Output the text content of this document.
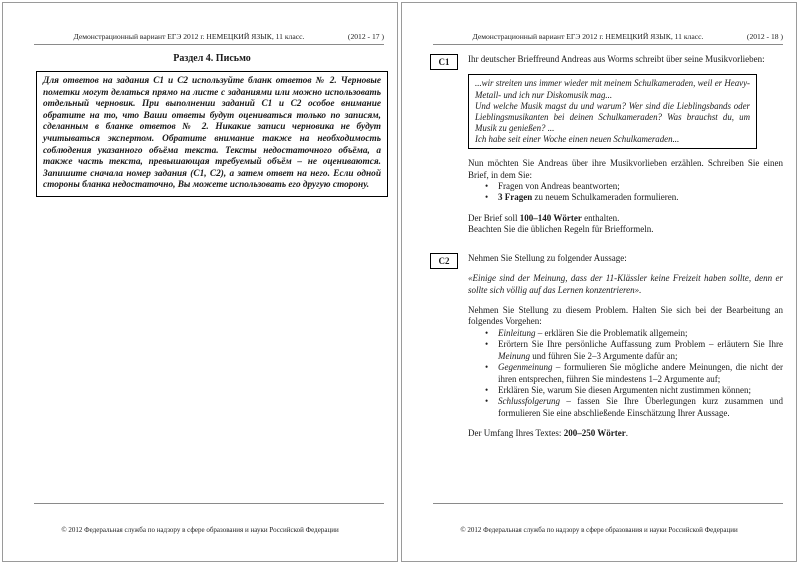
Демонстрационный вариант ЕГЭ 2012 г. НЕМЕЦКИЙ ЯЗЫК, 11 класс.	(2012 - 17 )
Раздел 4. Письмо
Для ответов на задания С1 и С2 используйте бланк ответов № 2. Черновые пометки могут делаться прямо на листе с заданиями или можно использовать отдельный черновик. При выполнении заданий С1 и С2 особое внимание обратите на то, что Ваши ответы будут оцениваться только по записям, сделанным в бланке ответов № 2. Никакие записи черновика не будут учитываться экспертом. Обратите внимание также на необходимость соблюдения указанного объёма текста. Тексты недостаточного объёма, а также часть текста, превышающая требуемый объём – не оцениваются. Запишите сначала номер задания (С1, С2), а затем ответ на него. Если одной стороны бланка недостаточно, Вы можете использовать его другую сторону.
© 2012 Федеральная служба по надзору в сфере образования и науки Российской Федерации
Демонстрационный вариант ЕГЭ 2012 г. НЕМЕЦКИЙ ЯЗЫК, 11 класс.	(2012 - 18 )
C1	Ihr deutscher Brieffreund Andreas aus Worms schreibt über seine Musikvorlieben:

...wir streiten uns immer wieder mit meinem Schulkameraden, weil er Heavy-Metall- und ich nur Diskomusik mag...

Und welche Musik magst du und warum? Wer sind die Lieblingsbands oder Lieblingsmusikanten bei deinen Schulkameraden? Was brauchst du, um Musik zu genießen? ...

Ich habe seit einer Woche einen neuen Schulkameraden...

Nun möchten Sie Andreas über ihre Musikvorlieben erzählen. Schreiben Sie einen Brief, in dem Sie:

•	Fragen von Andreas beantworten;
•	3 Fragen zu neuem Schulkameraden formulieren.

Der Brief soll 100–140 Wörter enthalten.

Beachten Sie die üblichen Regeln für Briefformeln.

C2	Nehmen Sie Stellung zu folgender Aussage:

«Einige sind der Meinung, dass der 11-Klässler keine Freizeit haben sollte, denn er sollte sich völlig auf das Lernen konzentrieren».

Nehmen Sie Stellung zu diesem Problem. Halten Sie sich bei der Bearbeitung an folgendes Vorgehen:

•	Einleitung – erklären Sie die Problematik allgemein;
•	Erörtern Sie Ihre persönliche Auffassung zum Problem – erläutern Sie Ihre Meinung und führen Sie 2–3 Argumente dafür an;
•	Gegenmeinung – formulieren Sie mögliche andere Meinungen, die nicht der ihren entsprechen, führen Sie mindestens 1–2 Argumente auf;
•	Erklären Sie, warum Sie diesen Argumenten nicht zustimmen können;
•	Schlussfolgerung – fassen Sie Ihre Überlegungen kurz zusammen und formulieren Sie eine abschließende Einschätzung Ihrer Aussage.

Der Umfang Ihres Textes: 200–250 Wörter.

© 2012 Федеральная служба по надзору в сфере образования и науки Российской Федерации
